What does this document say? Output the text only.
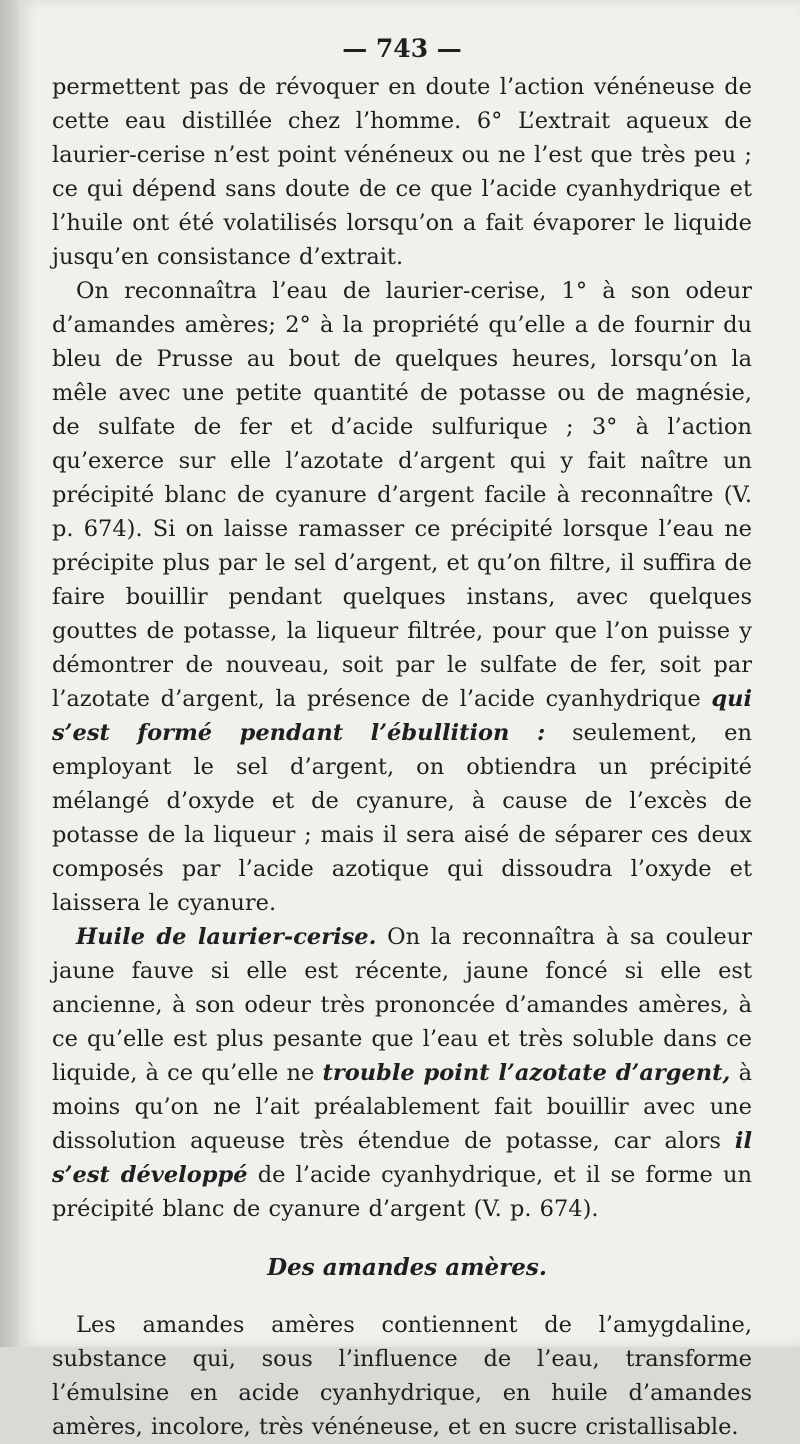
— 743 —

permettent pas de révoquer en doute l’action vénéneuse de cette eau distillée chez l’homme. 6° L’extrait aqueux de laurier-cerise n’est point vénéneux ou ne l’est que très peu ; ce qui dépend sans doute de ce que l’acide cyanhydrique et l’huile ont été volatilisés lorsqu’on a fait évaporer le liquide jusqu’en consistance d’extrait.

On reconnaîtra l’eau de laurier-cerise, 1° à son odeur d’amandes amères; 2° à la propriété qu’elle a de fournir du bleu de Prusse au bout de quelques heures, lorsqu’on la mêle avec une petite quantité de potasse ou de magnésie, de sulfate de fer et d’acide sulfurique ; 3° à l’action qu’exerce sur elle l’azotate d’argent qui y fait naître un précipité blanc de cyanure d’argent facile à reconnaître (V. p. 674). Si on laisse ramasser ce précipité lorsque l’eau ne précipite plus par le sel d’argent, et qu’on filtre, il suffira de faire bouillir pendant quelques instans, avec quelques gouttes de potasse, la liqueur filtrée, pour que l’on puisse y démontrer de nouveau, soit par le sulfate de fer, soit par l’azotate d’argent, la présence de l’acide cyanhydrique qui s’est formé pendant l’ébullition : seulement, en employant le sel d’argent, on obtiendra un précipité mélangé d’oxyde et de cyanure, à cause de l’excès de potasse de la liqueur ; mais il sera aisé de séparer ces deux composés par l’acide azotique qui dissoudra l’oxyde et laissera le cyanure.

Huile de laurier-cerise. On la reconnaîtra à sa couleur jaune fauve si elle est récente, jaune foncé si elle est ancienne, à son odeur très prononcée d’amandes amères, à ce qu’elle est plus pesante que l’eau et très soluble dans ce liquide, à ce qu’elle ne trouble point l’azotate d’argent, à moins qu’on ne l’ait préalablement fait bouillir avec une dissolution aqueuse très étendue de potasse, car alors il s’est développé de l’acide cyanhydrique, et il se forme un précipité blanc de cyanure d’argent (V. p. 674).

Des amandes amères.

Les amandes amères contiennent de l’amygdaline, substance qui, sous l’influence de l’eau, transforme l’émulsine en acide cyanhydrique, en huile d’amandes amères, incolore, très vénéneuse, et en sucre cristallisable.
